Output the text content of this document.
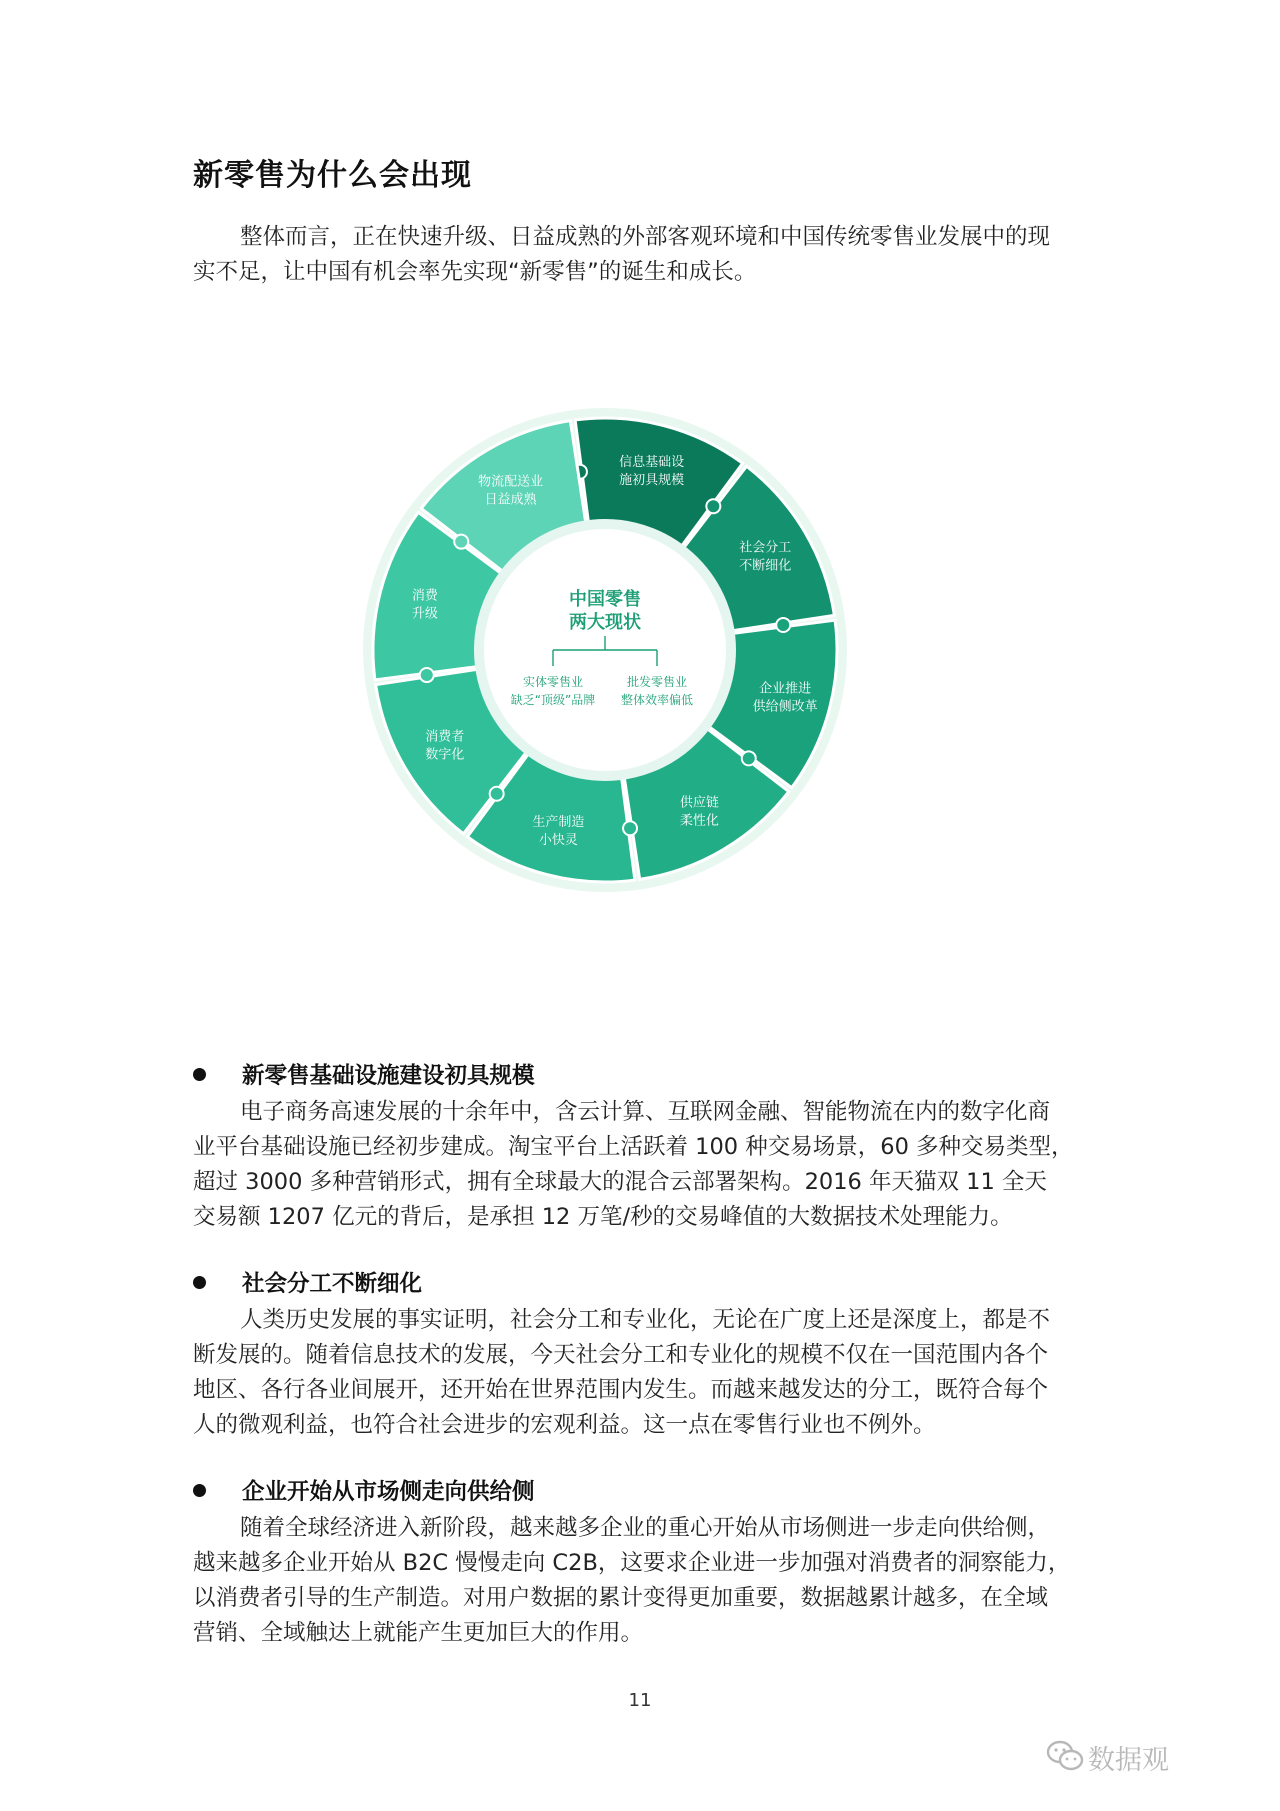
新零售为什么会出现
整体而言，正在快速升级、日益成熟的外部客观环境和中国传统零售业发展中的现
实不足，让中国有机会率先实现“新零售”的诞生和成长。
信息基础设施初具规模
社会分工不断细化
企业推进供给侧改革
供应链柔性化
生产制造小快灵
消费者数字化
消费升级
物流配送业日益成熟
中国零售
两大现状
实体零售业
缺乏“顶级”品牌
批发零售业
整体效率偏低
新零售基础设施建设初具规模
电子商务高速发展的十余年中，含云计算、互联网金融、智能物流在内的数字化商
业平台基础设施已经初步建成。淘宝平台上活跃着 100 种交易场景，60 多种交易类型，
超过 3000 多种营销形式，拥有全球最大的混合云部署架构。2016 年天猫双 11 全天
交易额 1207 亿元的背后，是承担 12 万笔/秒的交易峰值的大数据技术处理能力。
社会分工不断细化
人类历史发展的事实证明，社会分工和专业化，无论在广度上还是深度上，都是不
断发展的。随着信息技术的发展，今天社会分工和专业化的规模不仅在一国范围内各个
地区、各行各业间展开，还开始在世界范围内发生。而越来越发达的分工，既符合每个
人的微观利益，也符合社会进步的宏观利益。这一点在零售行业也不例外。
企业开始从市场侧走向供给侧
随着全球经济进入新阶段，越来越多企业的重心开始从市场侧进一步走向供给侧，
越来越多企业开始从 B2C 慢慢走向 C2B，这要求企业进一步加强对消费者的洞察能力，
以消费者引导的生产制造。对用户数据的累计变得更加重要，数据越累计越多，在全域
营销、全域触达上就能产生更加巨大的作用。
11
数据观
